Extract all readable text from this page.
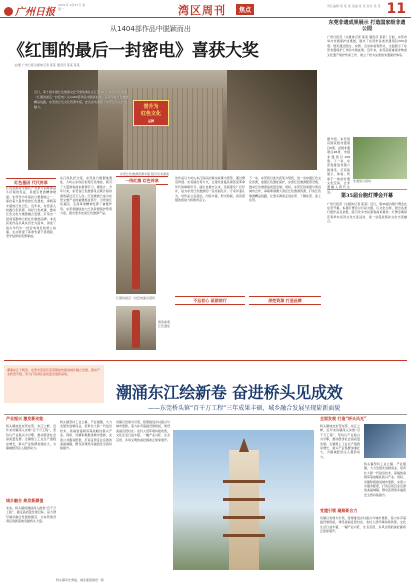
广州日报
2021年 9月27日 星期一	湾区周刊	焦点
责任编辑 徐 某 某 美编 某 某 校对 某 某 11
从1404部作品中脱颖而出
《红围的最后一封密电》喜获大奖
文/图 广州日报全媒体记者 某某 通讯员 某某 某某
近日，第十届中国红色旅游文化节颁奖典礼在江西举行。东莞市获选的《红围的最后一封密电》从1404部作品中脱颖而出，获评年度红色旅游精品线路。东莞的红色文化资源丰富，此次获奖展现了东莞红色文化的魅力。	晋升为
红色文化
品牌
东莞红色旅游资源丰富 吸引众多游客
红色基因 代代传承
红色资源是中国共产党艰辛而辉煌奋斗历程的见证，是最宝贵的精神财富。东莞作为华南抗日根据地之一，保存着大量珍贵的红色遗址，承载着丰富的红色记忆。近年来，东莞深入挖掘红色资源，讲好红色故事，推动红色文化与旅游融合发展，打造出一批具有影响力的红色旅游品牌。本次获奖作品以真实历史为蓝本，讲述了战火年代中一封密电背后的感人故事，生动再现了革命先辈不畏艰险、坚守信仰的英勇事迹。
东江纵队纪念馆、东莞抗日根据地遗址、大岭山东纵旧址等红色地标，吸引了大量游客前来参观学习。据统计，今年以来，东莞各红色旅游景点累计接待游客超过百万人次。红色旅游已成为东莞文旅产业的重要组成部分，为传承红色基因、弘扬革命精神发挥了重要作用。东莞将继续加大红色资源保护利用力度，推出更多优质红色旅游产品。
一线红旗 红色传承
红围的最后一封密电演出现场
游客参观红色遗址
该作品以大岭山东江纵队的真实故事为原型，通过情景再现、实景演出等方式，让观众身临其境感受革命年代的峥嵘岁月。演出自推出以来，受到观众广泛好评，成为东莞红色旅游的一张亮丽名片。专家评委认为，该作品立意高远，内容丰富，形式新颖，具有很强的感染力和教育意义。
不忘初心 砥砺前行
下一步，东莞将以此次获奖为契机，进一步挖掘红色文化资源，加强红色遗址保护，完善红色旅游配套设施，推动红色旅游高质量发展。同时，东莞还将加强与周边城市合作，串联粤港澳大湾区红色旅游资源，打造红色旅游精品线路，让更多游客走进东莞、了解东莞、爱上东莞。
深挖资源 打造品牌
东莞非遗成果展示 打造国家级非遗公园
广州日报讯（全媒体记者 某某 通讯员 某某）日前，东莞市举办非遗保护成果展，展出了东莞市各类非遗项目200余项。展览通过图文、实物、互动体验等形式，全面展示了东莞非遗保护工作的丰硕成果。近年来，东莞高度重视非物质文化遗产保护传承工作，建立了较为完善的非遗保护体系。
据介绍，东莞现有国家级非遗项目6项、省级非遗项目48项、市级非遗项目108项。下一步，东莞将推进非遗公园建设，打造集展示、体验、传承于一体的非遗文化空间，让非遗融入现代生活。
非遗展示现场
第35届台胞灯博会开幕
广州日报讯（全媒体记者 某某）近日，第35届台胞灯博会在东莞开幕。本届灯博会以灯彩为媒，以文化为桥，展出各类灯组作品百余组，吸引众多市民游客前来观赏。灯博会期间还将举办系列文化交流活动，进一步促进两岸文化交流融合。
潮涌东江千帆竞，东莞市某某区某某镇加快推进城乡融合发展，推动产业转型升级，努力打造湾区高质量发展新高地。
潮涌东江绘新卷 奋进桥头见成效
——东莞桥头镇“百千万工程”三年成果丰硕，城乡融合发展呈现崭新面貌
产业振兴 激发新动能
桥头镇地处东莞东部，东江之畔，近年来该镇深入实施“百千万工程”，坚持以产业振兴为引擎，推动经济社会高质量发展。全镇规上工业总产值稳步增长，新兴产业集群加速壮大，为镇域经济注入强劲动力。
城乡融合 焕发新颜值
未来，桥头镇将继续深入推进“百千万工程”，锚定高质量发展目标，奋力谱写城乡融合发展新篇章，为东莞建设湾区创新高地贡献桥头力量。
桥头镇坚持工业立镇、产业强镇，大力发展先进制造业，培育壮大新一代信息技术、高端装备制造等战略性新兴产业。同时，该镇积极推进城市更新，完善公共服务配套，打造宜居宜业宜游的美丽城镇，群众获得感幸福感安全感持续提升。
该镇以党建为引领，统筹推进乡村振兴与城市更新，着力补齐基础设施短板，建设美丽宜居村庄。农村人居环境持续改善，文化生活日益丰富，一幅产业兴旺、生态宜居、乡风文明的美好画卷正徐徐展开。
桥头镇风光秀丽，城乡面貌焕然一新
全面发展 打造“桥头风光”
桥头镇地处东莞东部，东江之畔，近年来该镇深入实施“百千万工程”，坚持以产业振兴为引擎，推动经济社会高质量发展。全镇规上工业总产值稳步增长，新兴产业集群加速壮大，为镇域经济注入强劲动力。
桥头镇坚持工业立镇、产业强镇，大力发展先进制造业，培育壮大新一代信息技术、高端装备制造等战略性新兴产业。同时，该镇积极推进城市更新，完善公共服务配套，打造宜居宜业宜游的美丽城镇，群众获得感幸福感安全感持续提升。
党建引领 凝聚新合力
该镇以党建为引领，统筹推进乡村振兴与城市更新，着力补齐基础设施短板，建设美丽宜居村庄。农村人居环境持续改善，文化生活日益丰富，一幅产业兴旺、生态宜居、乡风文明的美好画卷正徐徐展开。
